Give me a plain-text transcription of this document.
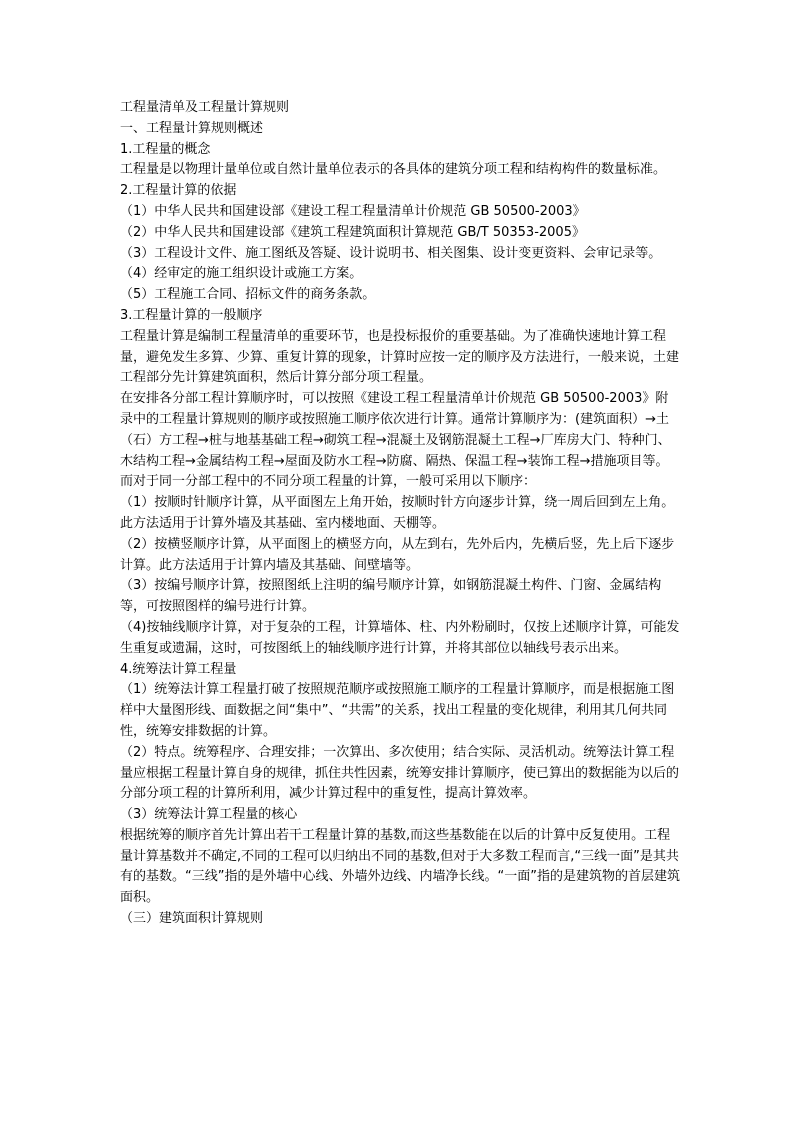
工程量清单及工程量计算规则
一、工程量计算规则概述
1.工程量的概念
工程量是以物理计量单位或自然计量单位表示的各具体的建筑分项工程和结构构件的数量标准。
2.工程量计算的依据
（1）中华人民共和国建设部《建设工程工程量清单计价规范 GB 50500-2003》
（2）中华人民共和国建设部《建筑工程建筑面积计算规范 GB/T 50353-2005》
（3）工程设计文件、施工图纸及答疑、设计说明书、相关图集、设计变更资料、会审记录等。
（4）经审定的施工组织设计或施工方案。
（5）工程施工合同、招标文件的商务条款。
3.工程量计算的一般顺序
工程量计算是编制工程量清单的重要环节，也是投标报价的重要基础。为了准确快速地计算工程量，避免发生多算、少算、重复计算的现象，计算时应按一定的顺序及方法进行，一般来说，土建工程部分先计算建筑面积，然后计算分部分项工程量。
在安排各分部工程计算顺序时，可以按照《建设工程工程量清单计价规范 GB 50500-2003》附录中的工程量计算规则的顺序或按照施工顺序依次进行计算。通常计算顺序为：(建筑面积）→土（石）方工程→桩与地基基础工程→砌筑工程→混凝土及钢筋混凝土工程→厂库房大门、特种门、木结构工程→金属结构工程→屋面及防水工程→防腐、隔热、保温工程→装饰工程→措施项目等。
而对于同一分部工程中的不同分项工程量的计算，一般可采用以下顺序：
（1）按顺时针顺序计算，从平面图左上角开始，按顺时针方向逐步计算，绕一周后回到左上角。此方法适用于计算外墙及其基础、室内楼地面、天棚等。
（2）按横竖顺序计算，从平面图上的横竖方向，从左到右，先外后内，先横后竖，先上后下逐步计算。此方法适用于计算内墙及其基础、间壁墙等。
（3）按编号顺序计算，按照图纸上注明的编号顺序计算，如钢筋混凝土构件、门窗、金属结构等，可按照图样的编号进行计算。
（4)按轴线顺序计算，对于复杂的工程，计算墙体、柱、内外粉刷时，仅按上述顺序计算，可能发生重复或遗漏，这时，可按图纸上的轴线顺序进行计算，并将其部位以轴线号表示出来。
4.统筹法计算工程量
（1）统筹法计算工程量打破了按照规范顺序或按照施工顺序的工程量计算顺序，而是根据施工图样中大量图形线、面数据之间“集中”、“共需”的关系，找出工程量的变化规律，利用其几何共同性，统筹安排数据的计算。
（2）特点。统筹程序、合理安排；一次算出、多次使用；结合实际、灵活机动。统筹法计算工程量应根据工程量计算自身的规律，抓住共性因素，统筹安排计算顺序，使已算出的数据能为以后的分部分项工程的计算所利用，减少计算过程中的重复性，提高计算效率。
（3）统筹法计算工程量的核心
根据统筹的顺序首先计算出若干工程量计算的基数,而这些基数能在以后的计算中反复使用。工程量计算基数并不确定,不同的工程可以归纳出不同的基数,但对于大多数工程而言,“三线一面”是其共有的基数。“三线”指的是外墙中心线、外墙外边线、内墙净长线。“一面”指的是建筑物的首层建筑面积。
（三）建筑面积计算规则
